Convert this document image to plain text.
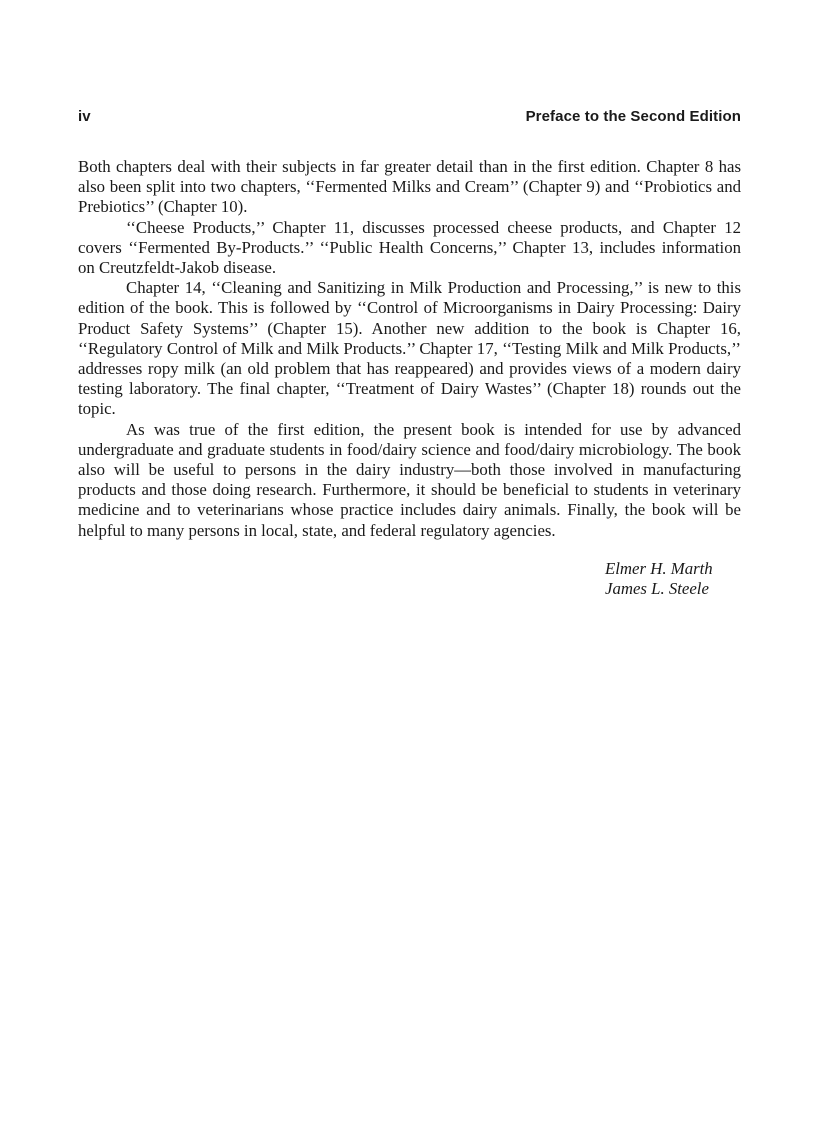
iv	Preface to the Second Edition

Both chapters deal with their subjects in far greater detail than in the first edition. Chapter 8 has also been split into two chapters, ‘‘Fermented Milks and Cream’’ (Chapter 9) and ‘‘Probiotics and Prebiotics’’ (Chapter 10).

‘‘Cheese Products,’’ Chapter 11, discusses processed cheese products, and Chapter 12 covers ‘‘Fermented By-Products.’’ ‘‘Public Health Concerns,’’ Chapter 13, includes information on Creutzfeldt-Jakob disease.

Chapter 14, ‘‘Cleaning and Sanitizing in Milk Production and Processing,’’ is new to this edition of the book. This is followed by ‘‘Control of Microorganisms in Dairy Processing: Dairy Product Safety Systems’’ (Chapter 15). Another new addition to the book is Chapter 16, ‘‘Regulatory Control of Milk and Milk Products.’’ Chapter 17, ‘‘Testing Milk and Milk Products,’’ addresses ropy milk (an old problem that has reappeared) and provides views of a modern dairy testing laboratory. The final chapter, ‘‘Treatment of Dairy Wastes’’ (Chapter 18) rounds out the topic.

As was true of the first edition, the present book is intended for use by advanced undergraduate and graduate students in food/dairy science and food/​dairy microbiology. The book also will be useful to persons in the dairy industry—both those involved in manufacturing products and those doing research. Furthermore, it should be beneficial to students in veterinary medicine and to veterinarians whose practice includes dairy animals. Finally, the book will be helpful to many persons in local, state, and federal regulatory agencies.

Elmer H. Marth
James L. Steele
